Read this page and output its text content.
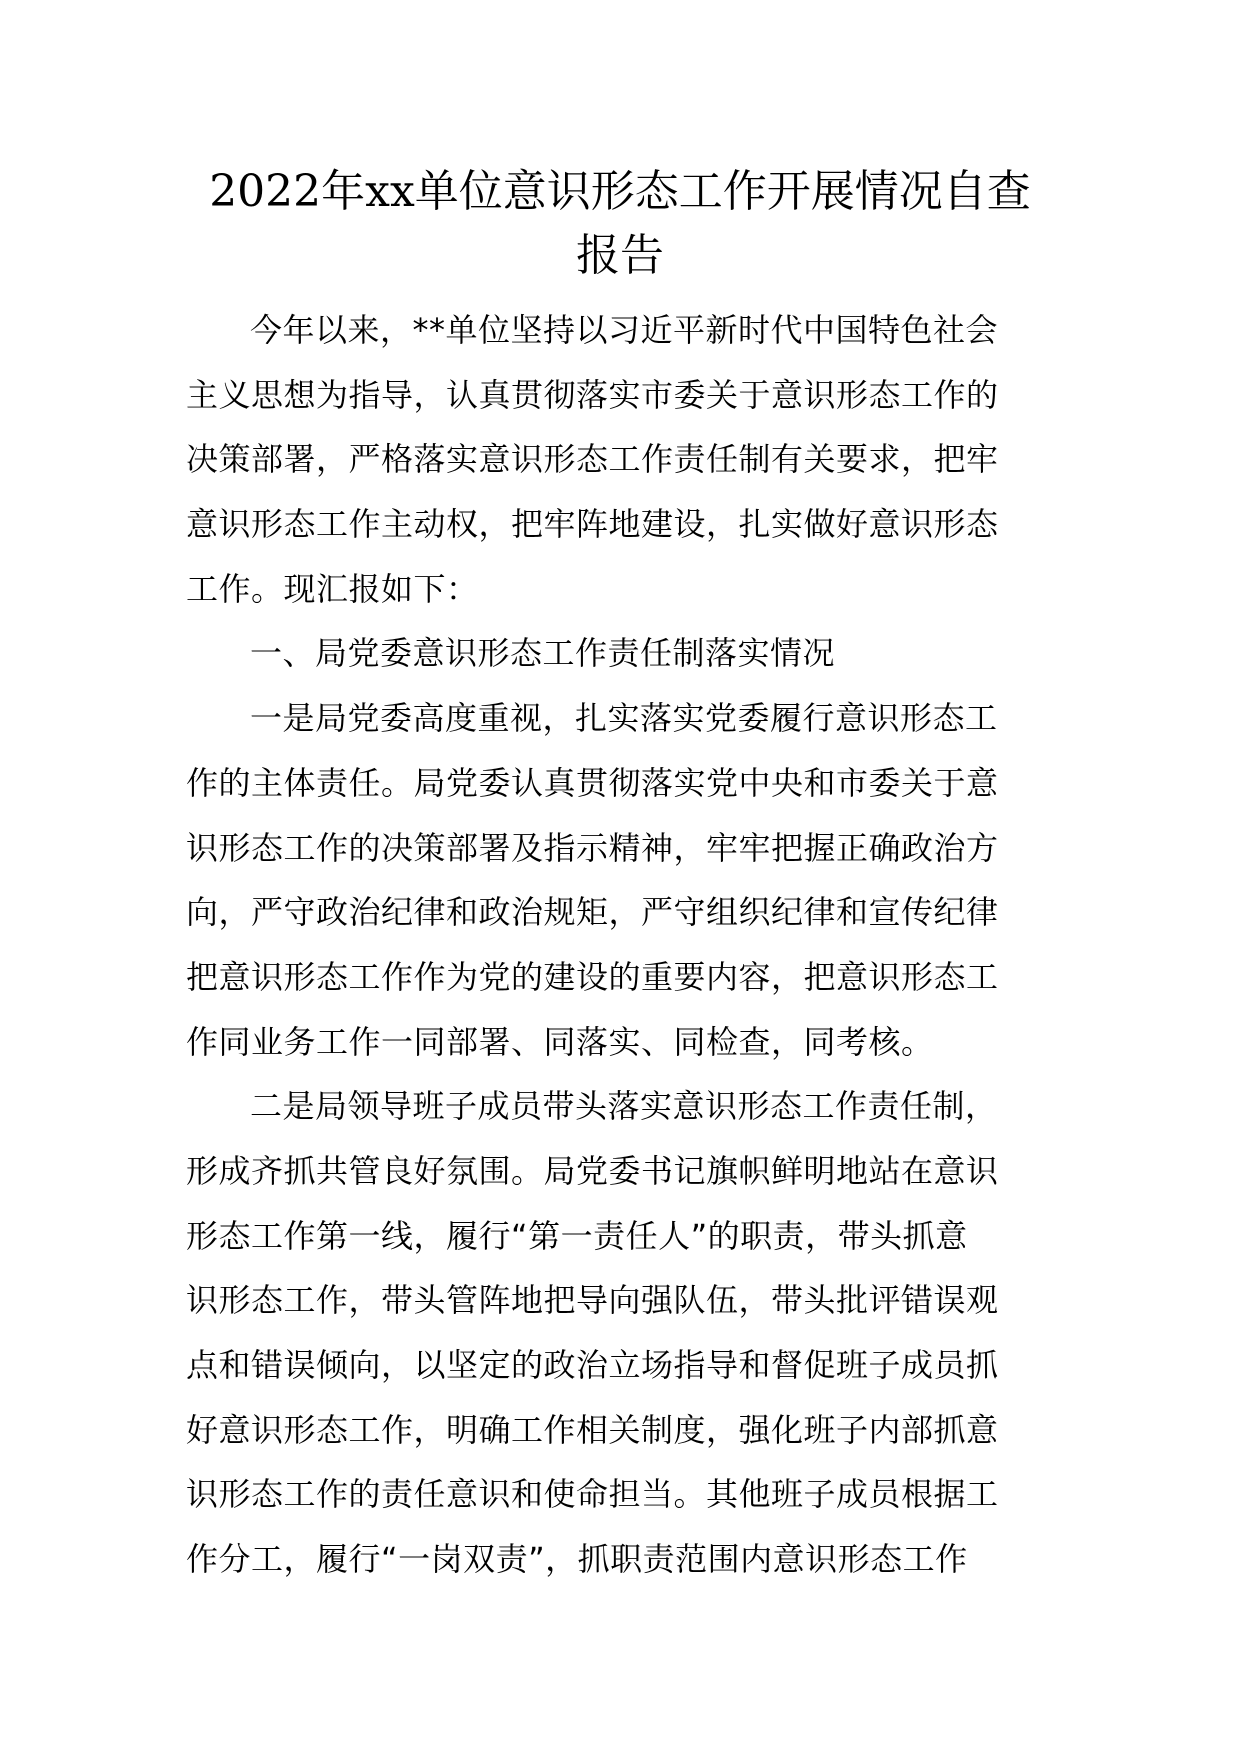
2022年xx单位意识形态工作开展情况自查
报告
今年以来，**单位坚持以习近平新时代中国特色社会
主义思想为指导，认真贯彻落实市委关于意识形态工作的
决策部署，严格落实意识形态工作责任制有关要求，把牢
意识形态工作主动权，把牢阵地建设，扎实做好意识形态
工作。现汇报如下：
一、局党委意识形态工作责任制落实情况
一是局党委高度重视，扎实落实党委履行意识形态工
作的主体责任。局党委认真贯彻落实党中央和市委关于意
识形态工作的决策部署及指示精神，牢牢把握正确政治方
向，严守政治纪律和政治规矩，严守组织纪律和宣传纪律
把意识形态工作作为党的建设的重要内容，把意识形态工
作同业务工作一同部署、同落实、同检查，同考核。
二是局领导班子成员带头落实意识形态工作责任制，
形成齐抓共管良好氛围。局党委书记旗帜鲜明地站在意识
形态工作第一线，履行“第一责任人”的职责，带头抓意
识形态工作，带头管阵地把导向强队伍，带头批评错误观
点和错误倾向，以坚定的政治立场指导和督促班子成员抓
好意识形态工作，明确工作相关制度，强化班子内部抓意
识形态工作的责任意识和使命担当。其他班子成员根据工
作分工，履行“一岗双责”，抓职责范围内意识形态工作
